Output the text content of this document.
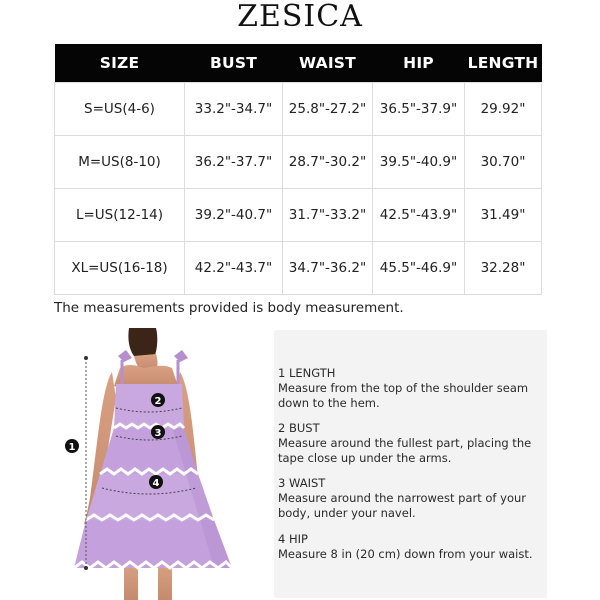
ZESICA
SIZE	BUST	WAIST	HIP	LENGTH
S=US(4-6)	33.2"-34.7"	25.8"-27.2"	36.5"-37.9"	29.92"
M=US(8-10)	36.2"-37.7"	28.7"-30.2"	39.5"-40.9"	30.70"
L=US(12-14)	39.2"-40.7"	31.7"-33.2"	42.5"-43.9"	31.49"
XL=US(16-18)	42.2"-43.7"	34.7"-36.2"	45.5"-46.9"	32.28"
The measurements provided is body measurement.
1
2
3
4
1 LENGTH
Measure from the top of the shoulder seam down to the hem.
2 BUST
Measure around the fullest part, placing the tape close up under the arms.
3 WAIST
Measure around the narrowest part of your body, under your navel.
4 HIP
Measure 8 in (20 cm) down from your waist.
